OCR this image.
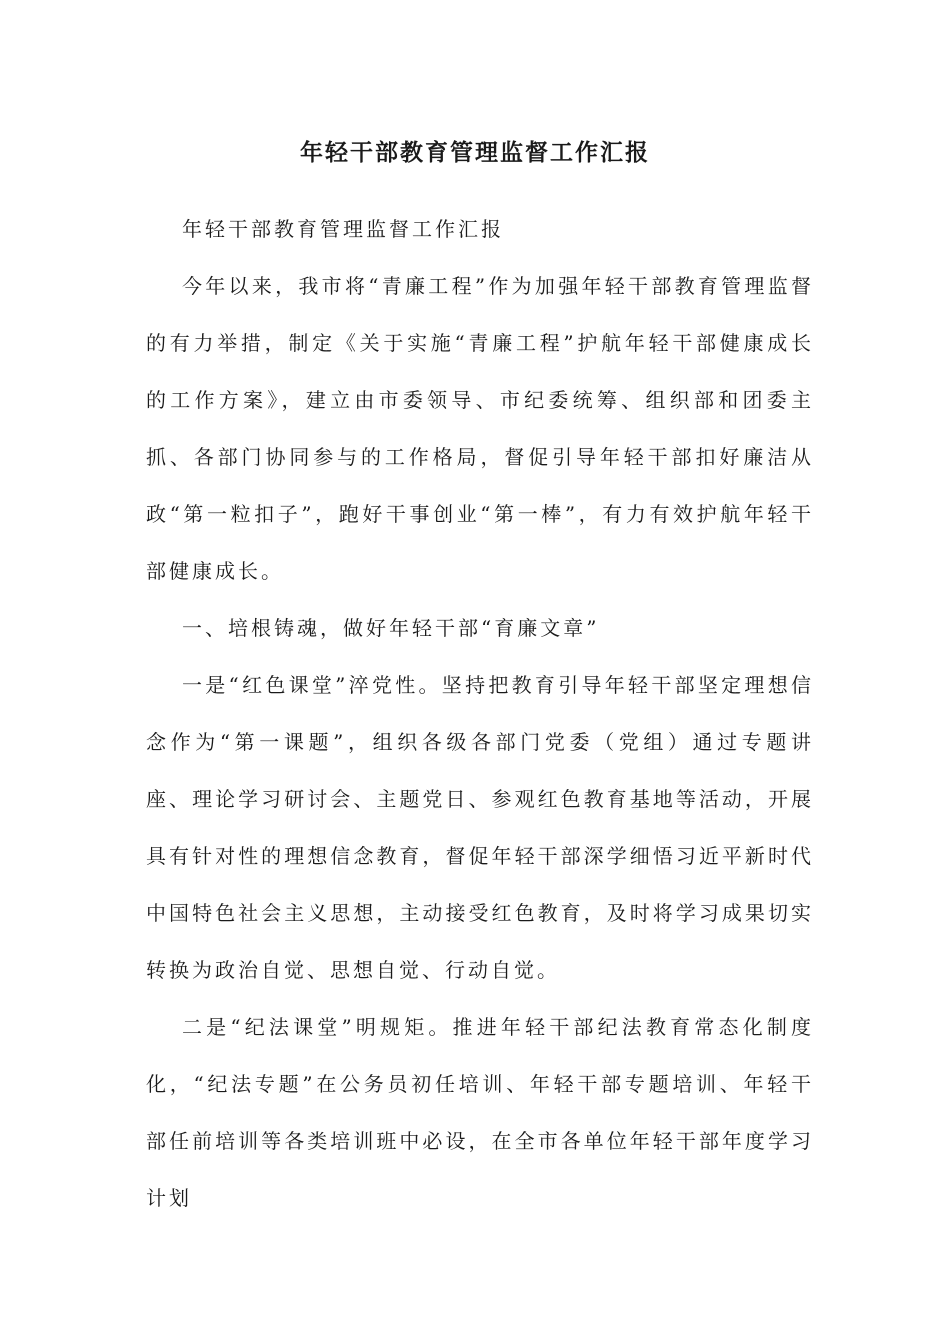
年轻干部教育管理监督工作汇报

年轻干部教育管理监督工作汇报

今年以来，我市将“青廉工程”作为加强年轻干部教育管理监督的有力举措，制定《关于实施“青廉工程”护航年轻干部健康成长的工作方案》，建立由市委领导、市纪委统筹、组织部和团委主抓、各部门协同参与的工作格局，督促引导年轻干部扣好廉洁从政“第一粒扣子”，跑好干事创业“第一棒”，有力有效护航年轻干部健康成长。

一、培根铸魂，做好年轻干部“育廉文章”

一是“红色课堂”淬党性。坚持把教育引导年轻干部坚定理想信念作为“第一课题”，组织各级各部门党委（党组）通过专题讲座、理论学习研讨会、主题党日、参观红色教育基地等活动，开展具有针对性的理想信念教育，督促年轻干部深学细悟习近平新时代中国特色社会主义思想，主动接受红色教育，及时将学习成果切实转换为政治自觉、思想自觉、行动自觉。

二是“纪法课堂”明规矩。推进年轻干部纪法教育常态化制度化，“纪法专题”在公务员初任培训、年轻干部专题培训、年轻干部任前培训等各类培训班中必设，在全市各单位年轻干部年度学习计划
